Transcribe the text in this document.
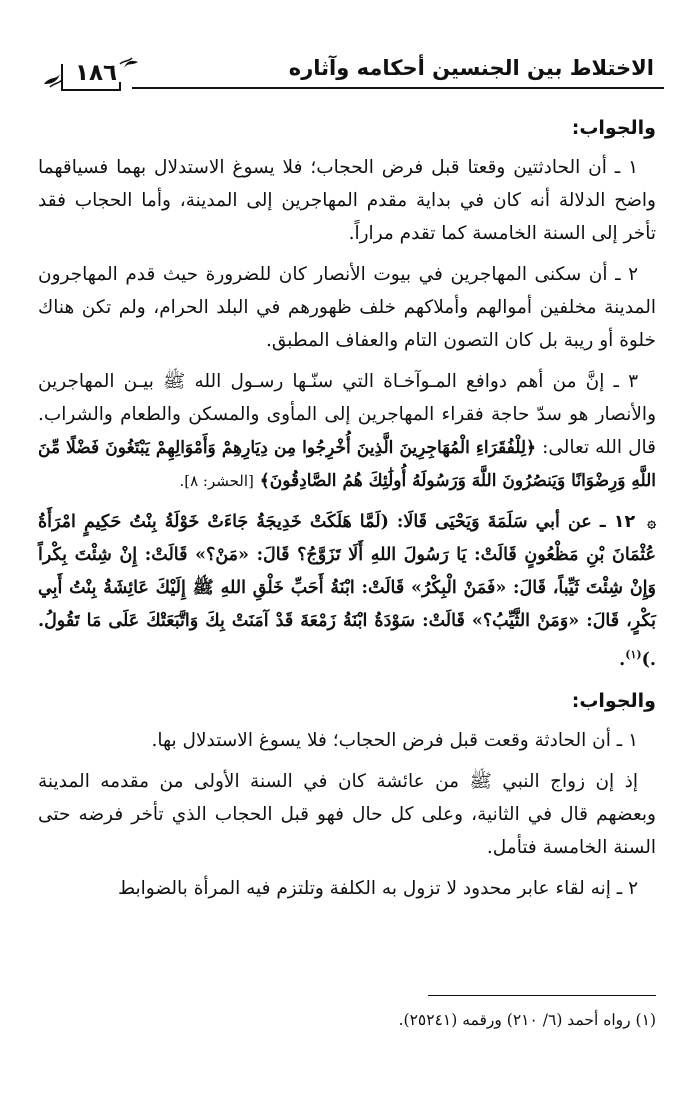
الاختلاط بين الجنسين أحكامه وآثاره
١٨٦

والجواب:

١ ـ أن الحادثتين وقعتا قبل فرض الحجاب؛ فلا يسوغ الاستدلال بهما فسياقهما واضح الدلالة أنه كان في بداية مقدم المهاجرين إلى المدينة، وأما الحجاب فقد تأخر إلى السنة الخامسة كما تقدم مراراً.

٢ ـ أن سكنى المهاجرين في بيوت الأنصار كان للضرورة حيث قدم المهاجرون المدينة مخلفين أموالهم وأملاكهم خلف ظهورهم في البلد الحرام، ولم تكن هناك خلوة أو ريبة بل كان التصون التام والعفاف المطبق.

٣ ـ إنَّ من أهم دوافع المـوآخـاة التي سنّـها رسـول الله ﷺ بيـن المهاجرين والأنصار هو سدّ حاجة فقراء المهاجرين إلى المأوى والمسكن والطعام والشراب. قال الله تعالى: ﴿لِلْفُقَرَاءِ الْمُهَاجِرِينَ الَّذِينَ أُخْرِجُوا مِن دِيَارِهِمْ وَأَمْوَالِهِمْ يَبْتَغُونَ فَضْلًا مِّنَ اللَّهِ وَرِضْوَانًا وَيَنصُرُونَ اللَّهَ وَرَسُولَهُ أُولَٰئِكَ هُمُ الصَّادِقُونَ﴾ [الحشر: ٨].

۞ ١٢ ـ عن أبي سَلَمَةَ وَيَحْيَى قَالَا: (لَمَّا هَلَكَتْ خَدِيجَةُ جَاءَتْ خَوْلَةُ بِنْتُ حَكِيمٍ امْرَأَةُ عُثْمَانَ بْنِ مَظْعُونٍ قَالَتْ: يَا رَسُولَ اللهِ أَلَا تَزَوَّجُ؟ قَالَ: «مَنْ؟» قَالَتْ: إِنْ شِئْتَ بِكْراً وَإِنْ شِئْتَ ثَيِّباً، قَالَ: «فَمَنْ الْبِكْرُ» قَالَتْ: ابْنَةُ أَحَبِّ خَلْقِ اللهِ ﷺ إِلَيْكَ عَائِشَةُ بِنْتُ أَبِي بَكْرٍ، قَالَ: «وَمَنْ الثَّيِّبُ؟» قَالَتْ: سَوْدَةُ ابْنَةُ زَمْعَةَ قَدْ آمَنَتْ بِكَ وَاتَّبَعَتْكَ عَلَى مَا تَقُولُ. .)$^{(١)}$.

والجواب:

١ ـ أن الحادثة وقعت قبل فرض الحجاب؛ فلا يسوغ الاستدلال بها.

إذ إن زواج النبي ﷺ من عائشة كان في السنة الأولى من مقدمه المدينة وبعضهم قال في الثانية، وعلى كل حال فهو قبل الحجاب الذي تأخر فرضه حتى السنة الخامسة فتأمل.

٢ ـ إنه لقاء عابر محدود لا تزول به الكلفة وتلتزم فيه المرأة بالضوابط

(١) رواه أحمد (٦/ ٢١٠) ورقمه (٢٥٢٤١).
